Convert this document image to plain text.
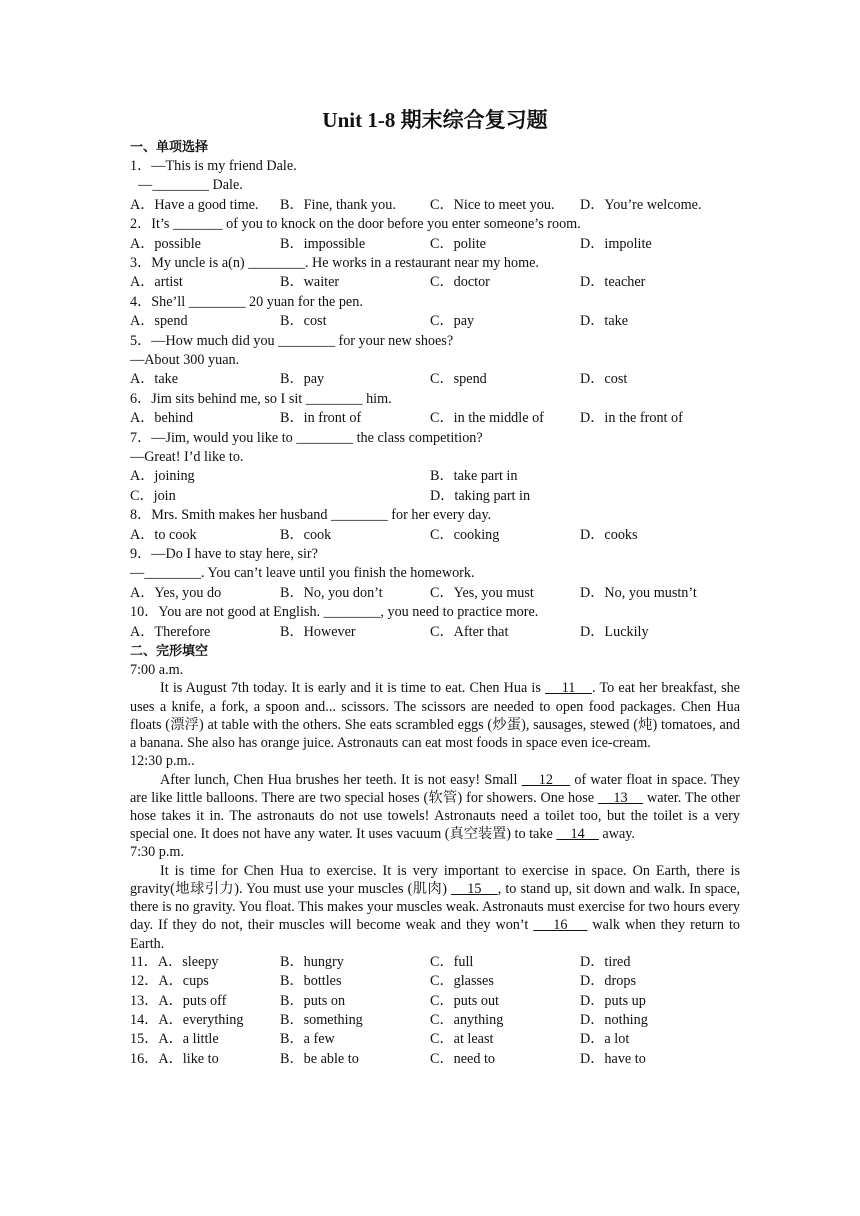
Unit 1-8 期末综合复习题
一、单项选择
1．—This is my friend Dale.
—________ Dale.
A．Have a good time.	B．Fine, thank you.	C．Nice to meet you.	D．You’re welcome.
2．It’s _______ of you to knock on the door before you enter someone’s room.
A．possible	B．impossible	C．polite	D．impolite
3．My uncle is a(n) ________. He works in a restaurant near my home.
A．artist	B．waiter	C．doctor	D．teacher
4．She’ll ________ 20 yuan for the pen.
A．spend	B．cost	C．pay	D．take
5．—How much did you ________ for your new shoes?
—About 300 yuan.
A．take	B．pay	C．spend	D．cost
6．Jim sits behind me, so I sit ________ him.
A．behind	B．in front of	C．in the middle of	D．in the front of
7．—Jim, would you like to ________ the class competition?
—Great! I’d like to.
A．joining	B．take part in
C．join	D．taking part in
8．Mrs. Smith makes her husband ________ for her every day.
A．to cook	B．cook	C．cooking	D．cooks
9．—Do I have to stay here, sir?
—________. You can’t leave until you finish the homework.
A．Yes, you do	B．No, you don’t	C．Yes, you must	D．No, you mustn’t
10．You are not good at English. ________, you need to practice more.
A．Therefore	B．However	C．After that	D．Luckily
二、完形填空
7:00 a.m.

It is August 7th today. It is early and it is time to eat. Chen Hua is     11    . To eat her breakfast, she uses a knife, a fork, a spoon and... scissors. The scissors are needed to open food packages. Chen Hua floats (漂浮) at table with the others. She eats scrambled eggs (炒蛋), sausages, stewed (炖) tomatoes, and a banana. She also has orange juice. Astronauts can eat most foods in space even ice-cream.

12:30 p.m..

After lunch, Chen Hua brushes her teeth. It is not easy! Small     12     of water float in space. They are like little balloons. There are two special hoses (软管) for showers. One hose     13     water. The other hose takes it in. The astronauts do not use towels! Astronauts need a toilet too, but the toilet is a very special one. It does not have any water. It uses vacuum (真空装置) to take     14     away.

7:30 p.m.

It is time for Chen Hua to exercise. It is very important to exercise in space. On Earth, there is gravity(地球引力). You must use your muscles (肌肉)     15    , to stand up, sit down and walk. In space, there is no gravity. You float. This makes your muscles weak. Astronauts must exercise for two hours every day. If they do not, their muscles will become weak and they won’t     16     walk when they return to Earth.

11．A．sleepy	B．hungry	C．full	D．tired
12．A．cups	B．bottles	C．glasses	D．drops
13．A．puts off	B．puts on	C．puts out	D．puts up
14．A．everything	B．something	C．anything	D．nothing
15．A．a little	B．a few	C．at least	D．a lot
16．A．like to	B．be able to	C．need to	D．have to
